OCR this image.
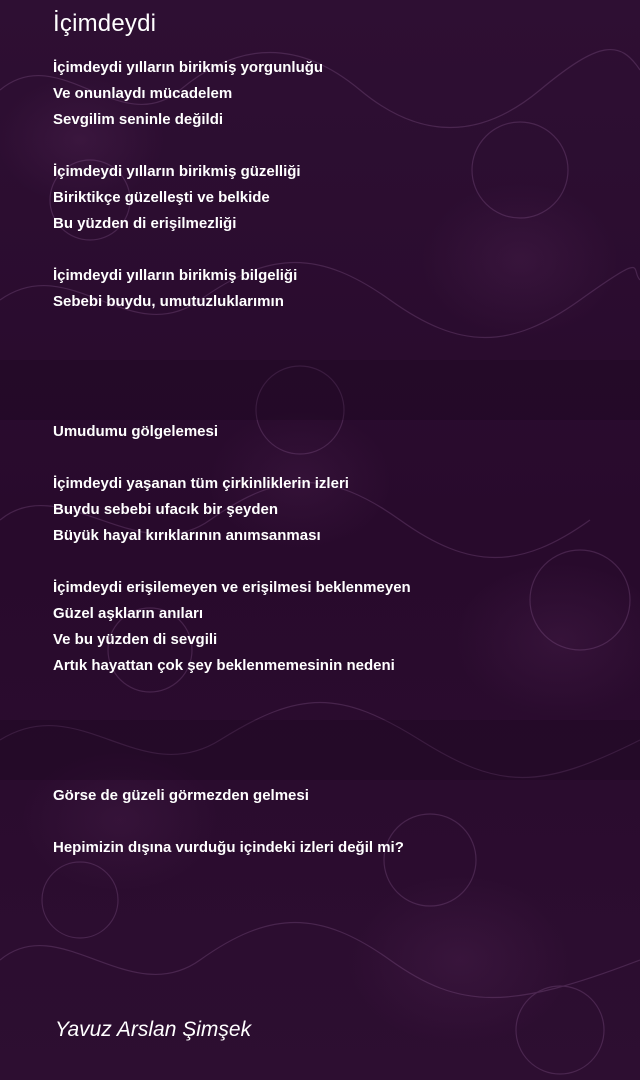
İçimdeydi
İçimdeydi yılların birikmiş yorgunluğu
Ve onunlaydı mücadelem
Sevgilim seninle değildi
İçimdeydi yılların birikmiş güzelliği
Biriktikçe güzelleşti ve belkide
Bu yüzden di erişilmezliği
İçimdeydi yılların birikmiş bilgeliği
Sebebi buydu, umutuzluklarımın
Umudumu gölgelemesi
İçimdeydi yaşanan tüm çirkinliklerin izleri
Buydu sebebi ufacık bir şeyden
Büyük hayal kırıklarının anımsanması
İçimdeydi erişilemeyen ve erişilmesi beklenmeyen
Güzel aşkların anıları
Ve bu yüzden di sevgili
Artık hayattan çok şey beklenmemesinin nedeni
Görse de güzeli görmezden gelmesi
Hepimizin dışına vurduğu içindeki izleri değil mi?
Yavuz Arslan Şimşek
